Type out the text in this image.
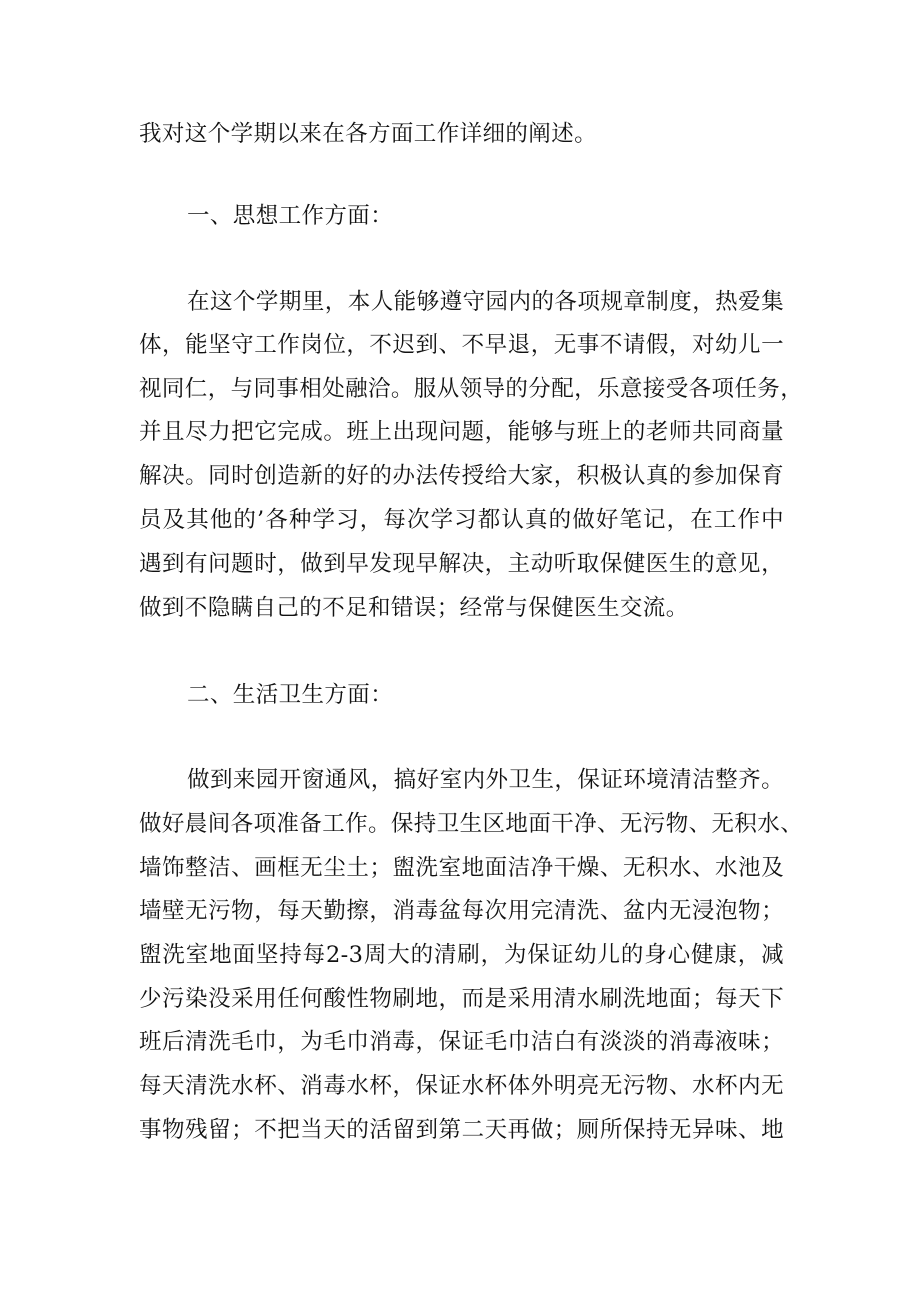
我对这个学期以来在各方面工作详细的阐述。

一、思想工作方面：

在这个学期里，本人能够遵守园内的各项规章制度，热爱集

体，能坚守工作岗位，不迟到、不早退，无事不请假，对幼儿一

视同仁，与同事相处融洽。服从领导的分配，乐意接受各项任务，

并且尽力把它完成。班上出现问题，能够与班上的老师共同商量

解决。同时创造新的好的办法传授给大家，积极认真的参加保育

员及其他的’各种学习，每次学习都认真的做好笔记，在工作中

遇到有问题时，做到早发现早解决，主动听取保健医生的意见，

做到不隐瞒自己的不足和错误；经常与保健医生交流。

二、生活卫生方面：

做到来园开窗通风，搞好室内外卫生，保证环境清洁整齐。

做好晨间各项准备工作。保持卫生区地面干净、无污物、无积水、

墙饰整洁、画框无尘土；盥洗室地面洁净干燥、无积水、水池及

墙壁无污物，每天勤擦，消毒盆每次用完清洗、盆内无浸泡物；

盥洗室地面坚持每2-3周大的清刷，为保证幼儿的身心健康，减

少污染没采用任何酸性物刷地，而是采用清水刷洗地面；每天下

班后清洗毛巾，为毛巾消毒，保证毛巾洁白有淡淡的消毒液味；

每天清洗水杯、消毒水杯，保证水杯体外明亮无污物、水杯内无

事物残留；不把当天的活留到第二天再做；厕所保持无异味、地
